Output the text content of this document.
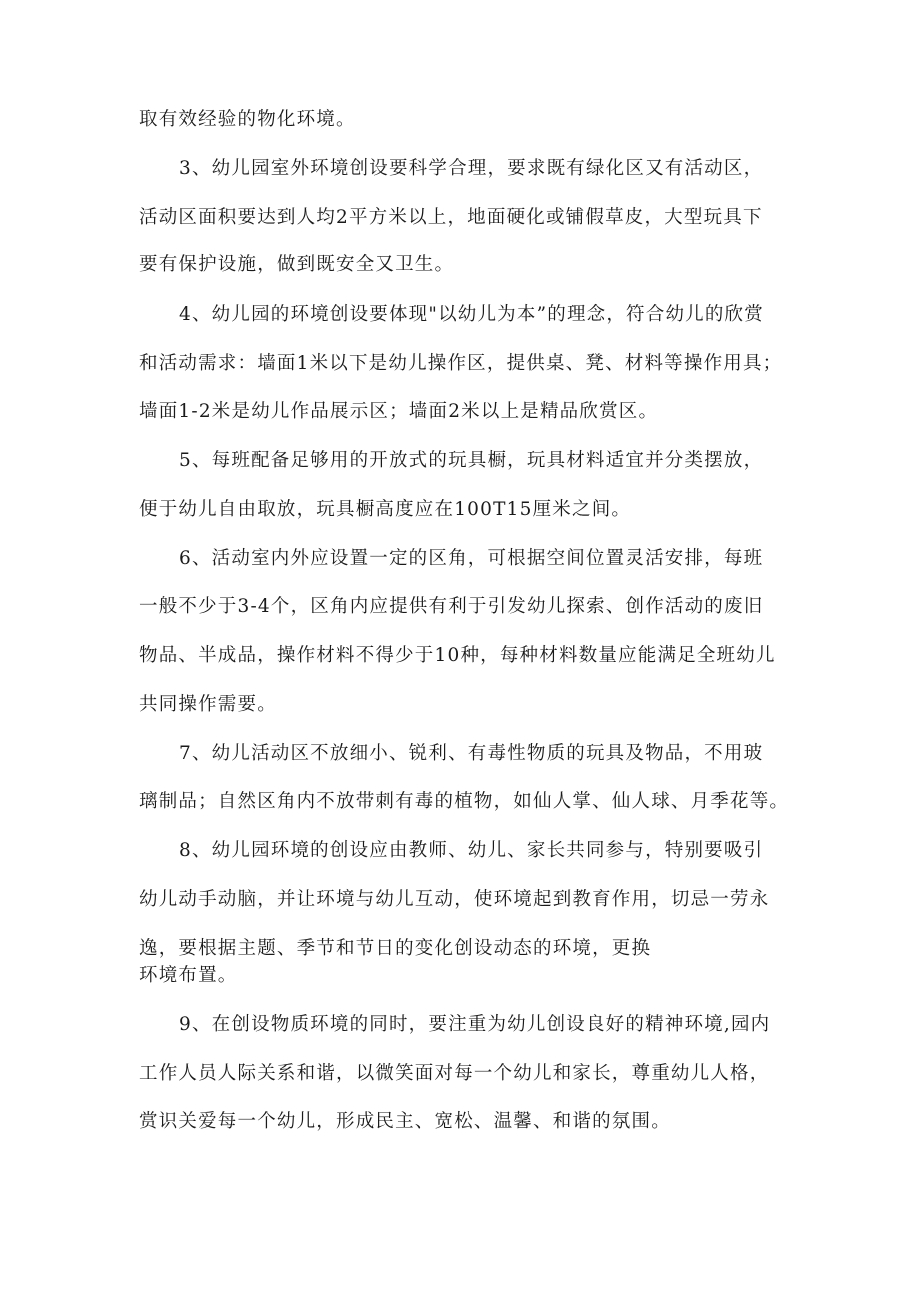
取有效经验的物化环境。
3、幼儿园室外环境创设要科学合理，要求既有绿化区又有活动区，
活动区面积要达到人均2平方米以上，地面硬化或铺假草皮，大型玩具下
要有保护设施，做到既安全又卫生。
4、幼儿园的环境创设要体现"以幼儿为本”的理念，符合幼儿的欣赏
和活动需求：墙面1米以下是幼儿操作区，提供桌、凳、材料等操作用具；
墙面1-2米是幼儿作品展示区；墙面2米以上是精品欣赏区。
5、每班配备足够用的开放式的玩具橱，玩具材料适宜并分类摆放，
便于幼儿自由取放，玩具橱高度应在100T15厘米之间。
6、活动室内外应设置一定的区角，可根据空间位置灵活安排，每班
一般不少于3-4个，区角内应提供有利于引发幼儿探索、创作活动的废旧
物品、半成品，操作材料不得少于10种，每种材料数量应能满足全班幼儿
共同操作需要。
7、幼儿活动区不放细小、锐利、有毒性物质的玩具及物品，不用玻
璃制品；自然区角内不放带刺有毒的植物，如仙人掌、仙人球、月季花等。
8、幼儿园环境的创设应由教师、幼儿、家长共同参与，特别要吸引
幼儿动手动脑，并让环境与幼儿互动，使环境起到教育作用，切忌一劳永
逸，要根据主题、季节和节日的变化创设动态的环境，更换
环境布置。
9、在创设物质环境的同时，要注重为幼儿创设良好的精神环境,园内
工作人员人际关系和谐，以微笑面对每一个幼儿和家长，尊重幼儿人格，
赏识关爱每一个幼儿，形成民主、宽松、温馨、和谐的氛围。
